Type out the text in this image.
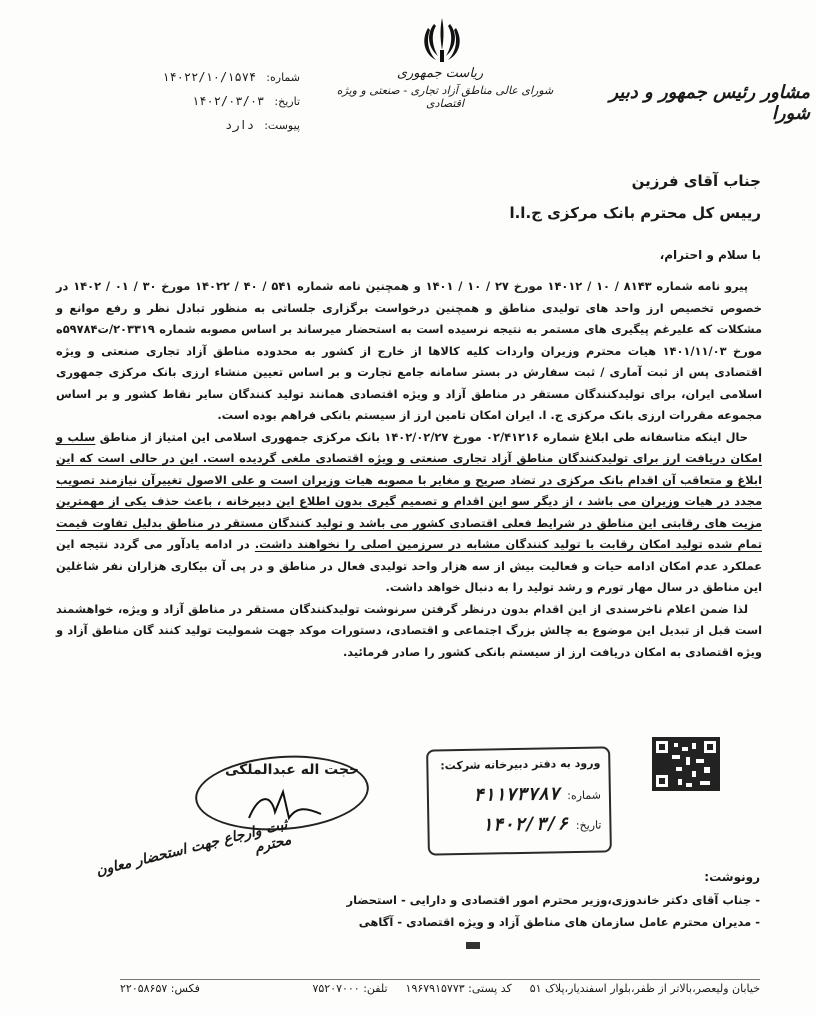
ریاست جمهوری
شورای عالی مناطق آزاد تجاری - صنعتی و ویژه اقتصادی
مشاور رئیس جمهور و دبیر شورا
شماره: ۱۴۰۲۲/۱۰/۱۵۷۴
تاریخ: ۱۴۰۲/۰۳/۰۳
پیوست: دارد
جناب آقای فرزین
رییس کل محترم بانک مرکزی ج.ا.ا
با سلام و احترام،

پیرو نامه شماره ۸۱۴۳ / ۱۰ / ۱۴۰۱۲ مورخ ۲۷ / ۱۰ / ۱۴۰۱ و همچنین نامه شماره ۵۴۱ / ۴۰ / ۱۴۰۲۲ مورخ ۳۰ / ۰۱ / ۱۴۰۲ در خصوص تخصیص ارز واحد های تولیدی مناطق و همچنین درخواست برگزاری جلساتی به منظور تبادل نظر و رفع موانع و مشکلات که علیرغم پیگیری های مستمر به نتیجه نرسیده است به استحضار میرساند بر اساس مصوبه شماره ۲۰۳۳۱۹/ت۵۹۷۸۴ه مورخ ۱۴۰۱/۱۱/۰۳ هیات محترم وزیران واردات کلیه کالاها از خارج از کشور به محدوده مناطق آزاد تجاری صنعتی و ویژه اقتصادی پس از ثبت آماری / ثبت سفارش در بستر سامانه جامع تجارت و بر اساس تعیین منشاء ارزی بانک مرکزی جمهوری اسلامی ایران، برای تولیدکنندگان مستقر در مناطق آزاد و ویژه اقتصادی همانند تولید کنندگان سایر نقاط کشور و بر اساس مجموعه مقررات ارزی بانک مرکزی ج. ا. ایران امکان تامین ارز از سیستم بانکی فراهم بوده است.

حال اینکه متاسفانه طی ابلاغ شماره ۰۲/۴۱۲۱۶ مورخ ۱۴۰۲/۰۲/۲۷ بانک مرکزی جمهوری اسلامی این امتیاز از مناطق سلب و امکان دریافت ارز برای تولیدکنندگان مناطق آزاد تجاری صنعتی و ویژه اقتصادی ملغی گردیده است. این در حالی است که این ابلاغ و متعاقب آن اقدام بانک مرکزی در تضاد صریح و مغایر با مصوبه هیات وزیران است و علی الاصول تغییرآن نیازمند تصویب مجدد در هیات وزیران می باشد ، از دیگر سو این اقدام و تصمیم گیری بدون اطلاع این دبیرخانه ، باعث حذف یکی از مهمترین مزیت های رقابتی این مناطق در شرایط فعلی اقتصادی کشور می باشد و تولید کنندگان مستقر در مناطق بدلیل تفاوت قیمت تمام شده تولید امکان رقابت با تولید کنندگان مشابه در سرزمین اصلی را نخواهند داشت. در ادامه یادآور می گردد نتیجه این عملکرد عدم امکان ادامه حیات و فعالیت بیش از سه هزار واحد تولیدی فعال در مناطق و در پی آن بیکاری هزاران نفر شاغلین این مناطق در سال مهار تورم و رشد تولید را به دنبال خواهد داشت.

لذا ضمن اعلام ناخرسندی از این اقدام بدون درنظر گرفتن سرنوشت تولیدکنندگان مستقر در مناطق آزاد و ویژه، خواهشمند است قبل از تبدیل این موضوع به چالش بزرگ اجتماعی و اقتصادی، دستورات موکد جهت شمولیت تولید کنند گان مناطق آزاد و ویژه اقتصادی به امکان دریافت ارز از سیستم بانکی کشور را صادر فرمائید.

حجت اله عبدالملکی	ورود به دفتر دبیرخانه شرکت:
شماره: ۴۱۱۷۳۷۸۷
تاریخ: ۱۴۰۲/۳/۶
رونوشت:
- جناب آقای دکتر خاندوزی،وزیر محترم امور اقتصادی و دارایی - استحضار
- مدیران محترم عامل سازمان های مناطق آزاد و ویژه اقتصادی - آگاهی
ثبت وارجاع جهت استحضار معاون محترم
خیابان ولیعصر،بالاتر از ظفر،بلوار اسفندیار،پلاک ۵۱
کد پستی: ۱۹۶۷۹۱۵۷۷۳
تلفن: ۷۵۲۰۷۰۰۰
فکس: ۲۲۰۵۸۶۵۷
